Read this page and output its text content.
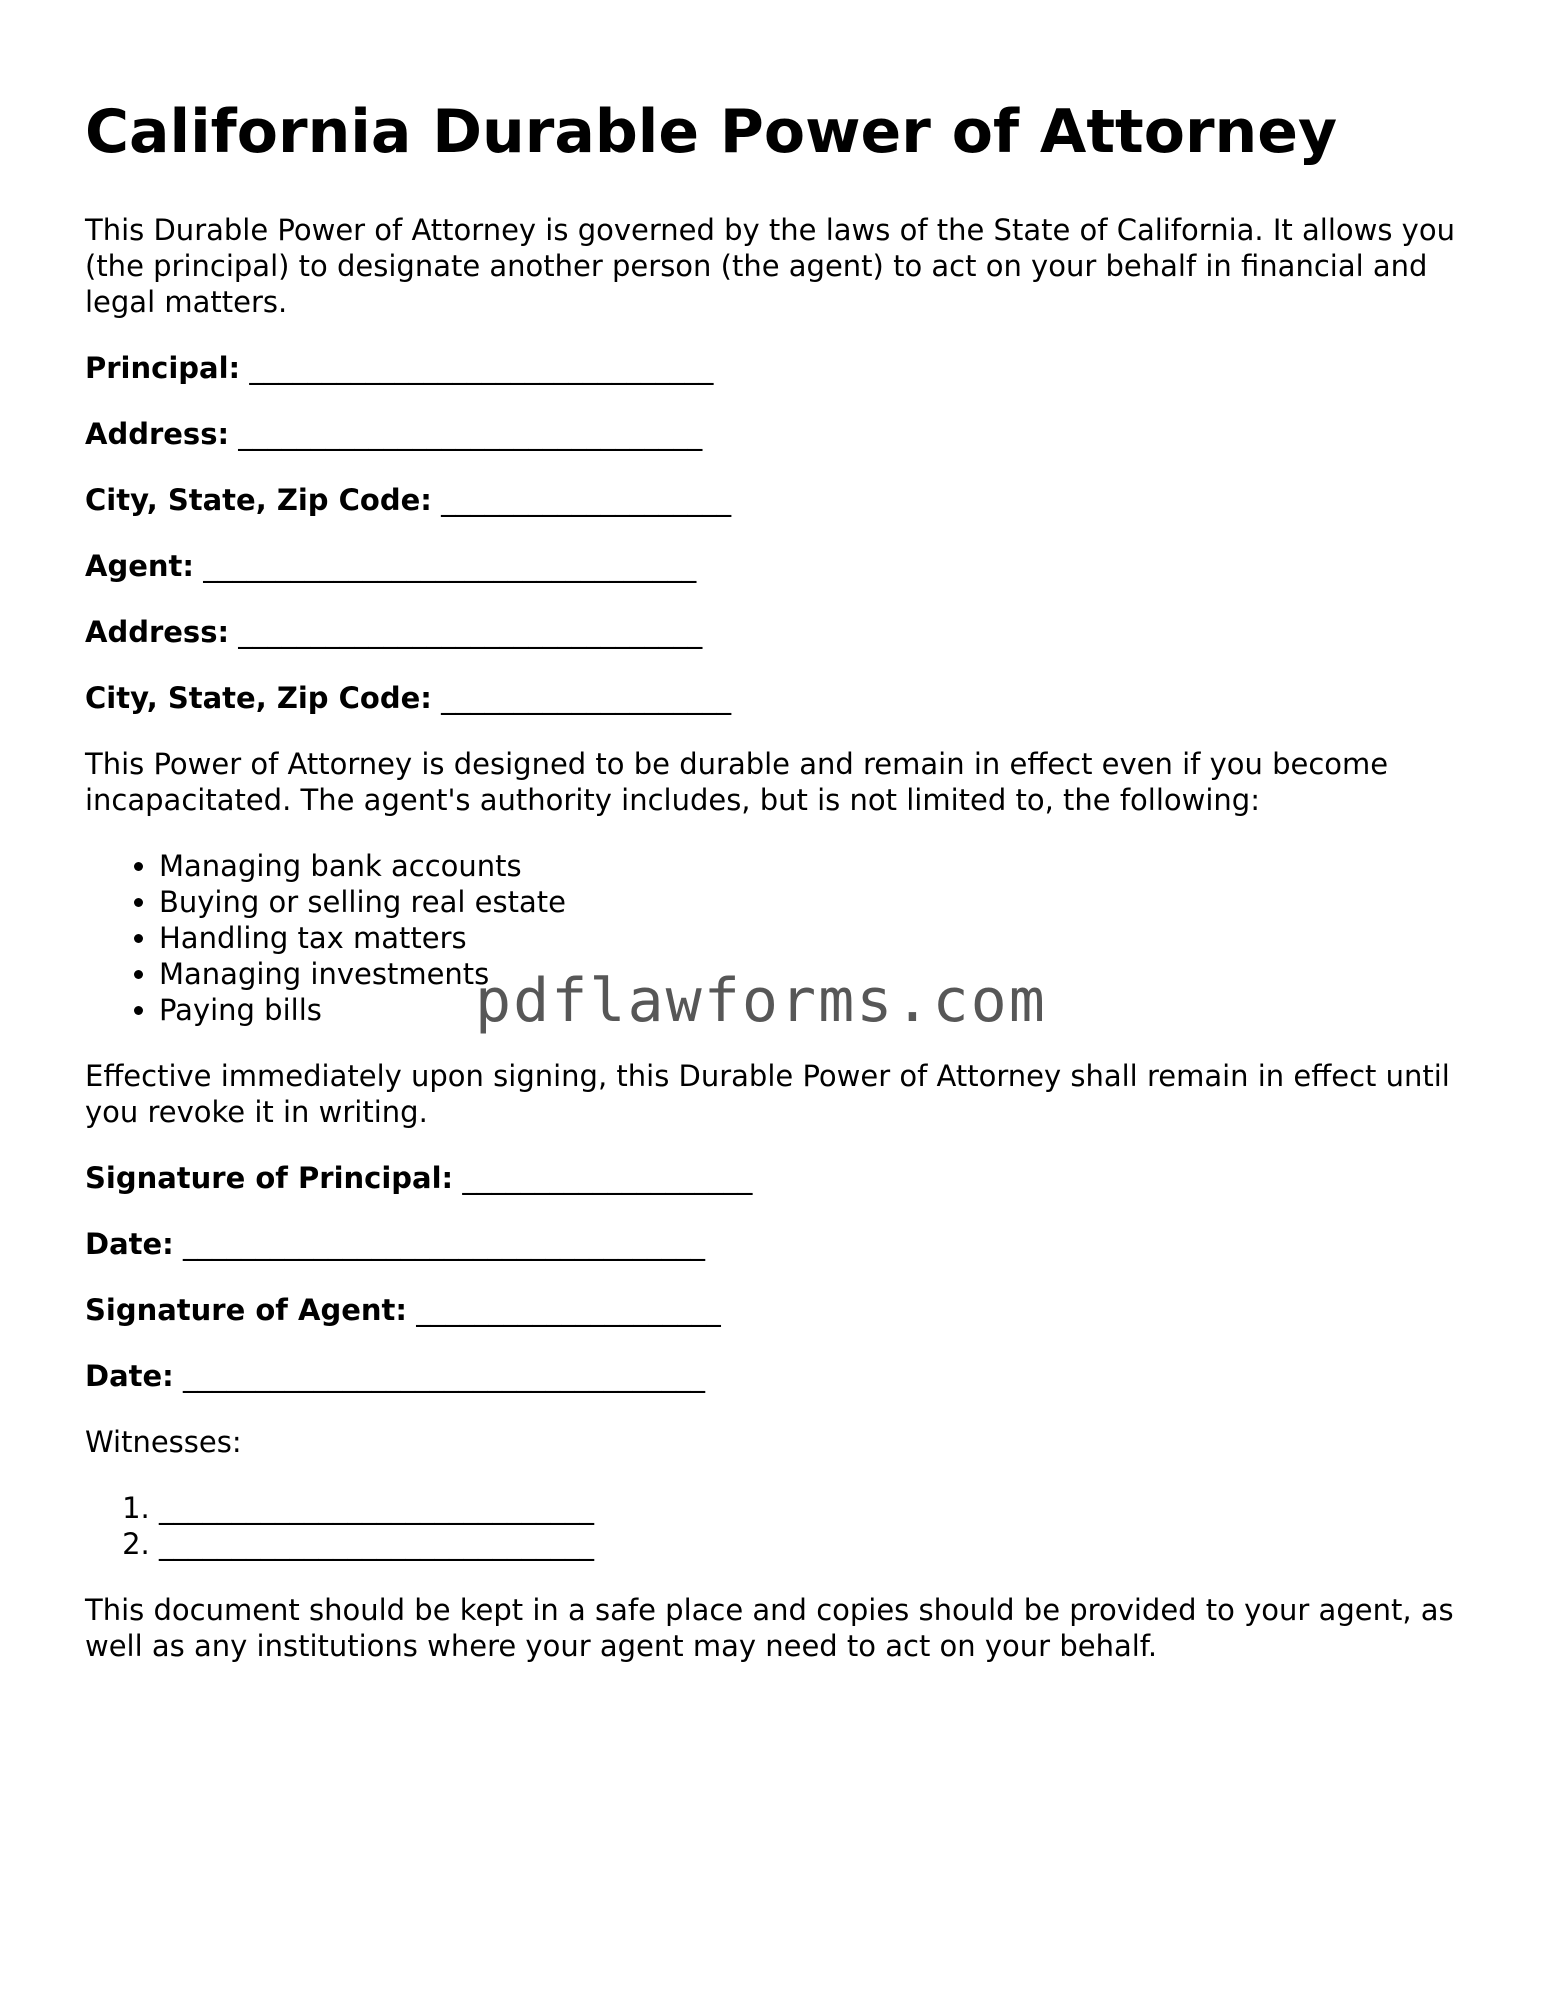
California Durable Power of Attorney

This Durable Power of Attorney is governed by the laws of the State of California. It allows you (the principal) to designate another person (the agent) to act on your behalf in financial and legal matters.

Principal: ________________________________
Address: ________________________________
City, State, Zip Code: ____________________
Agent: __________________________________
Address: ________________________________
City, State, Zip Code: ____________________

This Power of Attorney is designed to be durable and remain in effect even if you become incapacitated. The agent's authority includes, but is not limited to, the following:

• Managing bank accounts
• Buying or selling real estate
• Handling tax matters
• Managing investments
• Paying bills

Effective immediately upon signing, this Durable Power of Attorney shall remain in effect until you revoke it in writing.

Signature of Principal: ____________________
Date: ____________________________________
Signature of Agent: _____________________
Date: ____________________________________

Witnesses:

1. ______________________________
2. ______________________________

This document should be kept in a safe place and copies should be provided to your agent, as well as any institutions where your agent may need to act on your behalf.

pdflawforms.com
